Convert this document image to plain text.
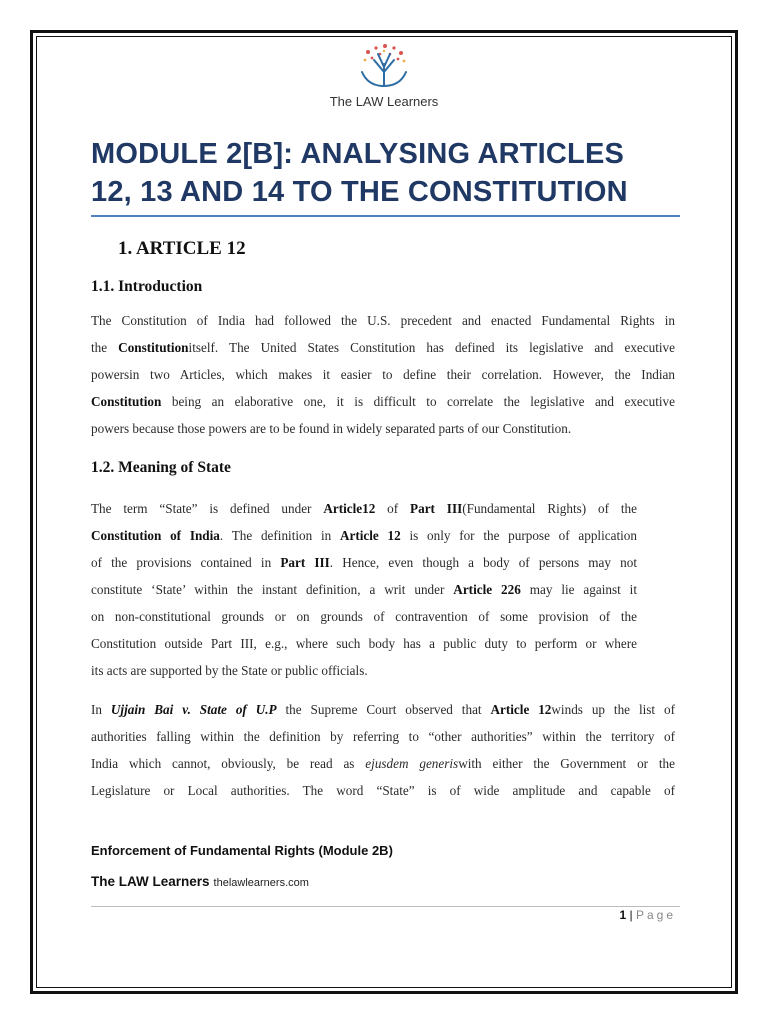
The LAW Learners
MODULE 2[B]: ANALYSING ARTICLES
12, 13 AND 14 TO THE CONSTITUTION
1. ARTICLE 12
1.1. Introduction
The Constitution of India had followed the U.S. precedent and enacted Fundamental Rights in
the Constitutionitself. The United States Constitution has defined its legislative and executive
powersin two Articles, which makes it easier to define their correlation. However, the Indian
Constitution being an elaborative one, it is difficult to correlate the legislative and executive
powers because those powers are to be found in widely separated parts of our Constitution.
1.2. Meaning of State
The term “State” is defined under Article12 of Part III(Fundamental Rights) of the
Constitution of India. The definition in Article 12 is only for the purpose of application
of the provisions contained in Part III. Hence, even though a body of persons may not
constitute ‘State’ within the instant definition, a writ under Article 226 may lie against it
on non-constitutional grounds or on grounds of contravention of some provision of the
Constitution outside Part III, e.g., where such body has a public duty to perform or where
its acts are supported by the State or public officials.
In Ujjain Bai v. State of U.P the Supreme Court observed that Article 12winds up the list of
authorities falling within the definition by referring to “other authorities” within the territory of
India which cannot, obviously, be read as ejusdem generiswith either the Government or the
Legislature or Local authorities. The word “State” is of wide amplitude and capable of

Enforcement of Fundamental Rights (Module 2B)

The LAW Learners thelawlearners.com

1 | Page
